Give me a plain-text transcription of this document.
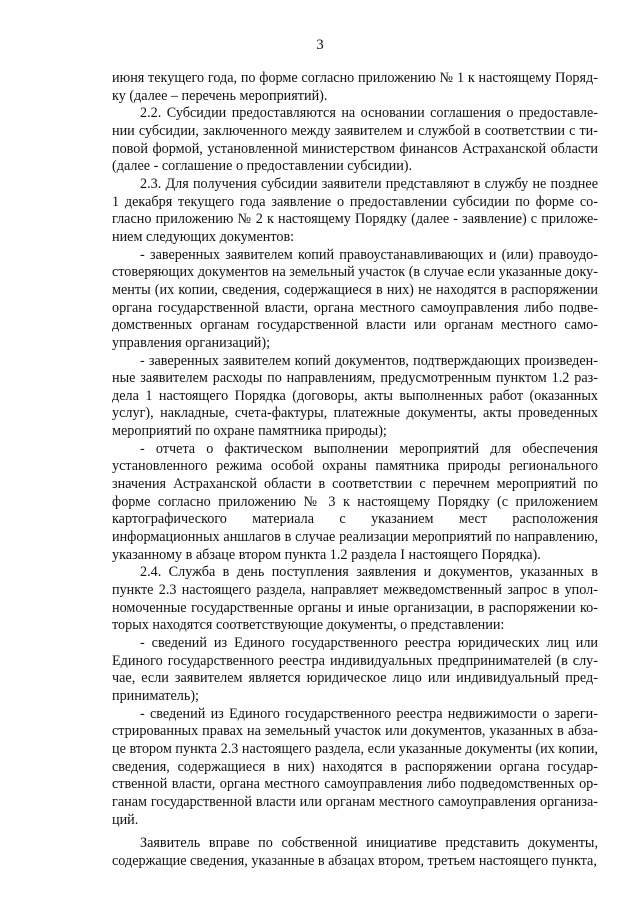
3

июня текущего года, по форме согласно приложению № 1 к настоящему Порядку (далее – перечень мероприятий).

2.2. Субсидии предоставляются на основании соглашения о предоставлении субсидии, заключенного между заявителем и службой в соответствии с типовой формой, установленной министерством финансов Астраханской области (далее - соглашение о предоставлении субсидии).

2.3. Для получения субсидии заявители представляют в службу не позднее 1 декабря текущего года заявление о предоставлении субсидии по форме согласно приложению № 2 к настоящему Порядку (далее - заявление) с приложением следующих документов:

- заверенных заявителем копий правоустанавливающих и (или) правоудостоверяющих документов на земельный участок (в случае если указанные документы (их копии, сведения, содержащиеся в них) не находятся в распоряжении органа государственной власти, органа местного самоуправления либо подведомственных органам государственной власти или органам местного самоуправления организаций);

- заверенных заявителем копий документов, подтверждающих произведенные заявителем расходы по направлениям, предусмотренным пунктом 1.2 раздела 1 настоящего Порядка (договоры, акты выполненных работ (оказанных услуг), накладные, счета-фактуры, платежные документы, акты проведенных мероприятий по охране памятника природы);

- отчета о фактическом выполнении мероприятий для обеспечения установленного режима особой охраны памятника природы регионального значения Астраханской области в соответствии с перечнем мероприятий по форме согласно приложению № 3 к настоящему Порядку (с приложением картографического материала с указанием мест расположения информационных аншлагов в случае реализации мероприятий по направлению, указанному в абзаце втором пункта 1.2 раздела I настоящего Порядка).

2.4. Служба в день поступления заявления и документов, указанных в пункте 2.3 настоящего раздела, направляет межведомственный запрос в уполномоченные государственные органы и иные организации, в распоряжении которых находятся соответствующие документы, о представлении:

- сведений из Единого государственного реестра юридических лиц или Единого государственного реестра индивидуальных предпринимателей (в случае, если заявителем является юридическое лицо или индивидуальный предприниматель);

- сведений из Единого государственного реестра недвижимости о зарегистрированных правах на земельный участок или документов, указанных в абзаце втором пункта 2.3 настоящего раздела, если указанные документы (их копии, сведения, содержащиеся в них) находятся в распоряжении органа государственной власти, органа местного самоуправления либо подведомственных органам государственной власти или органам местного самоуправления организаций.

Заявитель вправе по собственной инициативе представить документы, содержащие сведения, указанные в абзацах втором, третьем настоящего пункта,
